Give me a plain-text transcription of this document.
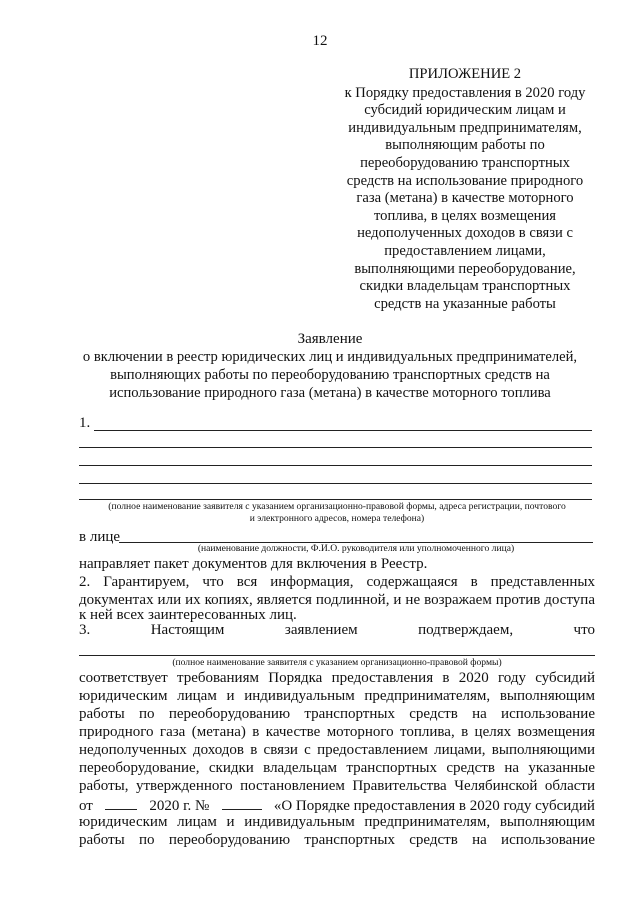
12
ПРИЛОЖЕНИЕ 2
к Порядку предоставления в 2020 году
субсидий юридическим лицам и
индивидуальным предпринимателям,
выполняющим работы по
переоборудованию транспортных
средств на использование природного
газа (метана) в качестве моторного
топлива, в целях возмещения
недополученных доходов в связи с
предоставлением лицами,
выполняющими переоборудование,
скидки владельцам транспортных
средств на указанные работы
Заявление
о включении в реестр юридических лиц и индивидуальных предпринимателей,
выполняющих работы по переоборудованию транспортных средств на
использование природного газа (метана) в качестве моторного топлива
1.
(полное наименование заявителя с указанием организационно-правовой формы, адреса регистрации, почтового
и электронного адресов, номера телефона)
в лице
(наименование должности, Ф.И.О. руководителя или уполномоченного лица)
направляет пакет документов для включения в Реестр.
2. Гарантируем, что вся информация, содержащаяся в представленных
документах или их копиях, является подлинной, и не возражаем против доступа
к ней всех заинтересованных лиц.
3.	Настоящим	заявлением	подтверждаем,	что
(полное наименование заявителя с указанием организационно-правовой формы)
соответствует требованиям Порядка предоставления в 2020 году субсидий
юридическим лицам и индивидуальным предпринимателям, выполняющим
работы по переоборудованию транспортных средств на использование
природного газа (метана) в качестве моторного топлива, в целях возмещения
недополученных доходов в связи с предоставлением лицами, выполняющими
переоборудование, скидки владельцам транспортных средств на указанные
работы, утвержденного постановлением Правительства Челябинской области
от	2020 г. №	«О Порядке предоставления в 2020 году субсидий
юридическим лицам и индивидуальным предпринимателям, выполняющим
работы по переоборудованию транспортных средств на использование
